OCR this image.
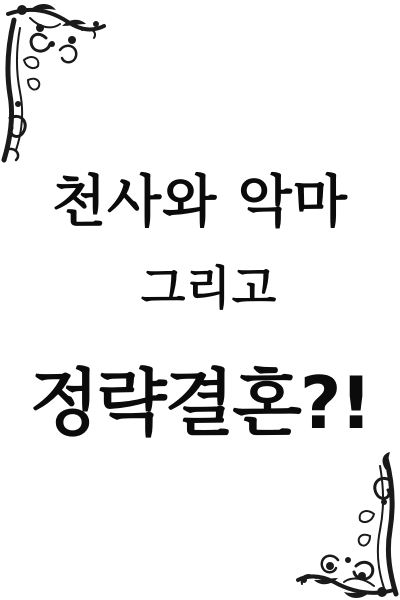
천사와 악마
그리고
정략결혼?!
